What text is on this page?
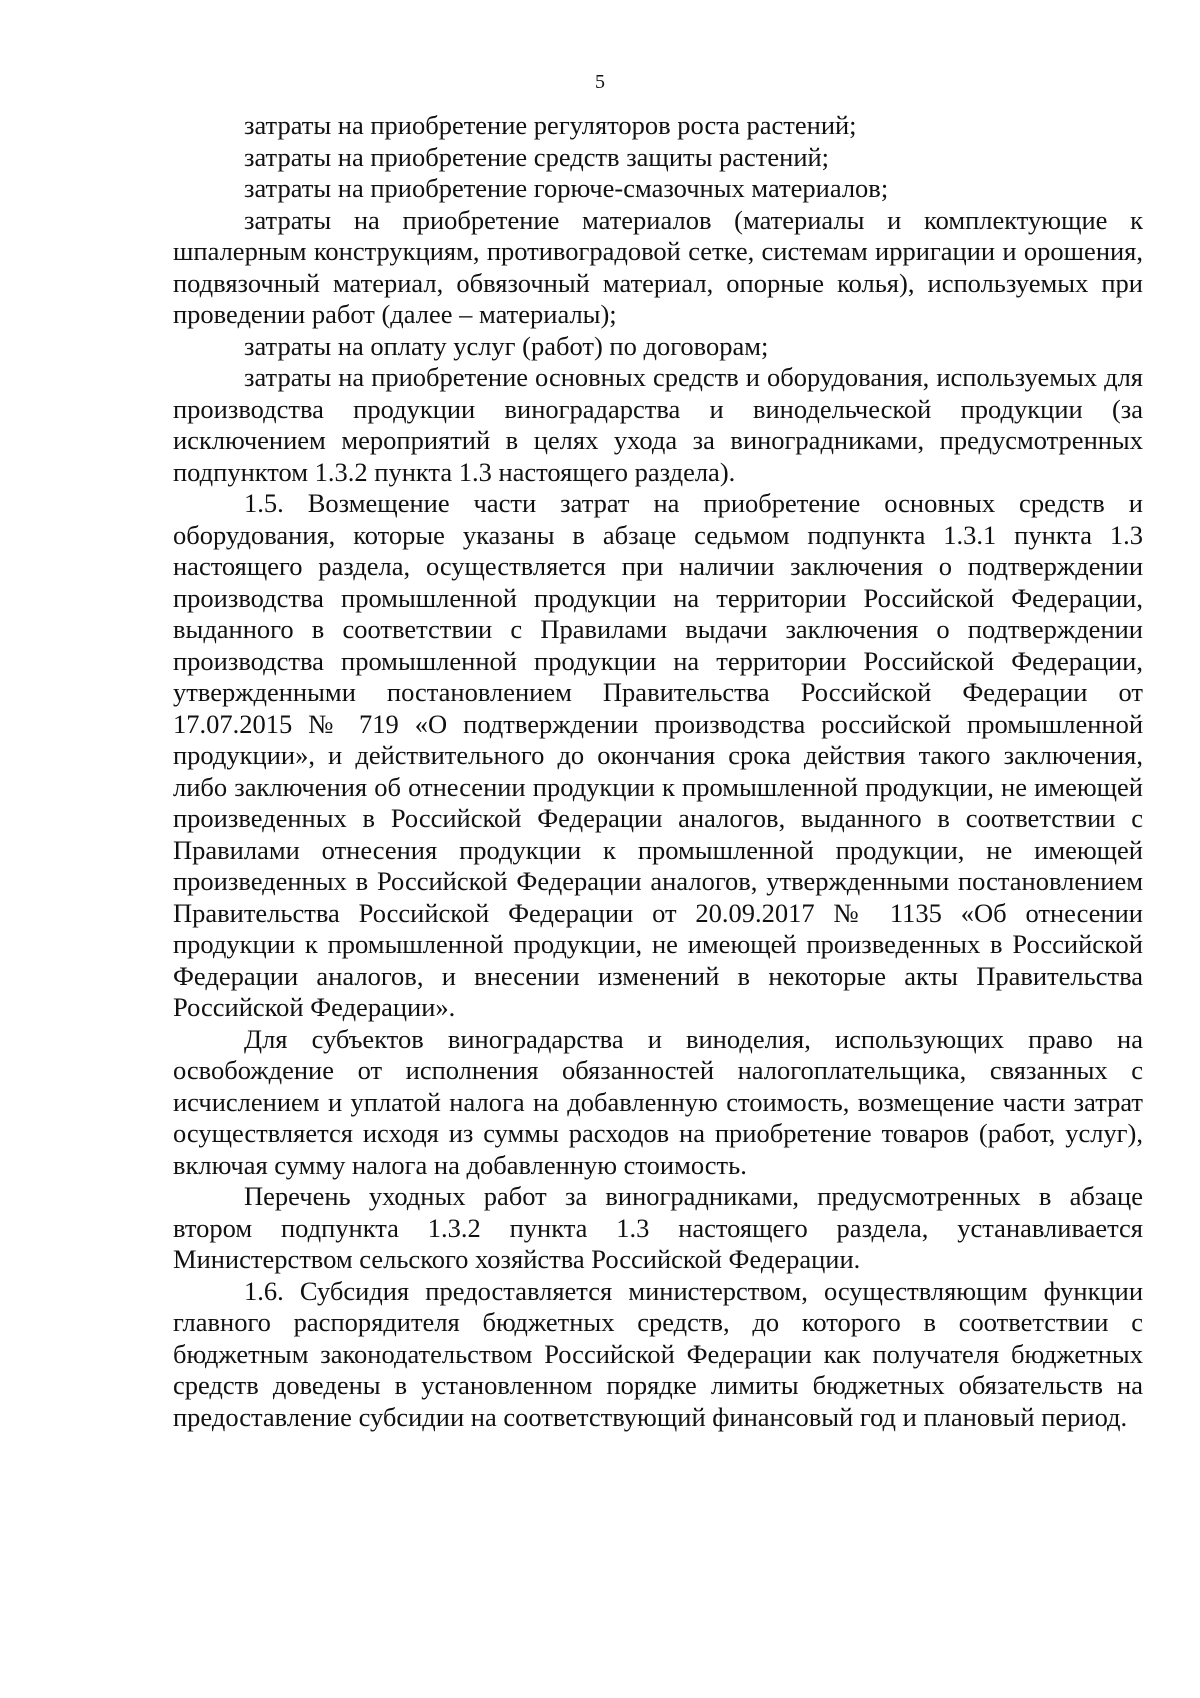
5

затраты на приобретение регуляторов роста растений;

затраты на приобретение средств защиты растений;

затраты на приобретение горюче-смазочных материалов;

затраты на приобретение материалов (материалы и комплектующие к шпалерным конструкциям, противоградовой сетке, системам ирригации и орошения, подвязочный материал, обвязочный материал, опорные колья), используемых при проведении работ (далее – материалы);

затраты на оплату услуг (работ) по договорам;

затраты на приобретение основных средств и оборудования, используемых для производства продукции виноградарства и винодельческой продукции (за исключением мероприятий в целях ухода за виноградниками, предусмотренных подпунктом 1.3.2 пункта 1.3 настоящего раздела).

1.5. Возмещение части затрат на приобретение основных средств и оборудования, которые указаны в абзаце седьмом подпункта 1.3.1 пункта 1.3 настоящего раздела, осуществляется при наличии заключения о подтверждении производства промышленной продукции на территории Российской Федерации, выданного в соответствии с Правилами выдачи заключения о подтверждении производства промышленной продукции на территории Российской Федерации, утвержденными постановлением Правительства Российской Федерации от 17.07.2015 № 719 «О подтверждении производства российской промышленной продукции», и действительного до окончания срока действия такого заключения, либо заключения об отнесении продукции к промышленной продукции, не имеющей произведенных в Российской Федерации аналогов, выданного в соответствии с Правилами отнесения продукции к промышленной продукции, не имеющей произведенных в Российской Федерации аналогов, утвержденными постановлением Правительства Российской Федерации от 20.09.2017 № 1135 «Об отнесении продукции к промышленной продукции, не имеющей произведенных в Российской Федерации аналогов, и внесении изменений в некоторые акты Правительства Российской Федерации».

Для субъектов виноградарства и виноделия, использующих право на освобождение от исполнения обязанностей налогоплательщика, связанных с исчислением и уплатой налога на добавленную стоимость, возмещение части затрат осуществляется исходя из суммы расходов на приобретение товаров (работ, услуг), включая сумму налога на добавленную стоимость.

Перечень уходных работ за виноградниками, предусмотренных в абзаце втором подпункта 1.3.2 пункта 1.3 настоящего раздела, устанавливается Министерством сельского хозяйства Российской Федерации.

1.6. Субсидия предоставляется министерством, осуществляющим функции главного распорядителя бюджетных средств, до которого в соответствии с бюджетным законодательством Российской Федерации как получателя бюджетных средств доведены в установленном порядке лимиты бюджетных обязательств на предоставление субсидии на соответствующий финансовый год и плановый период.
